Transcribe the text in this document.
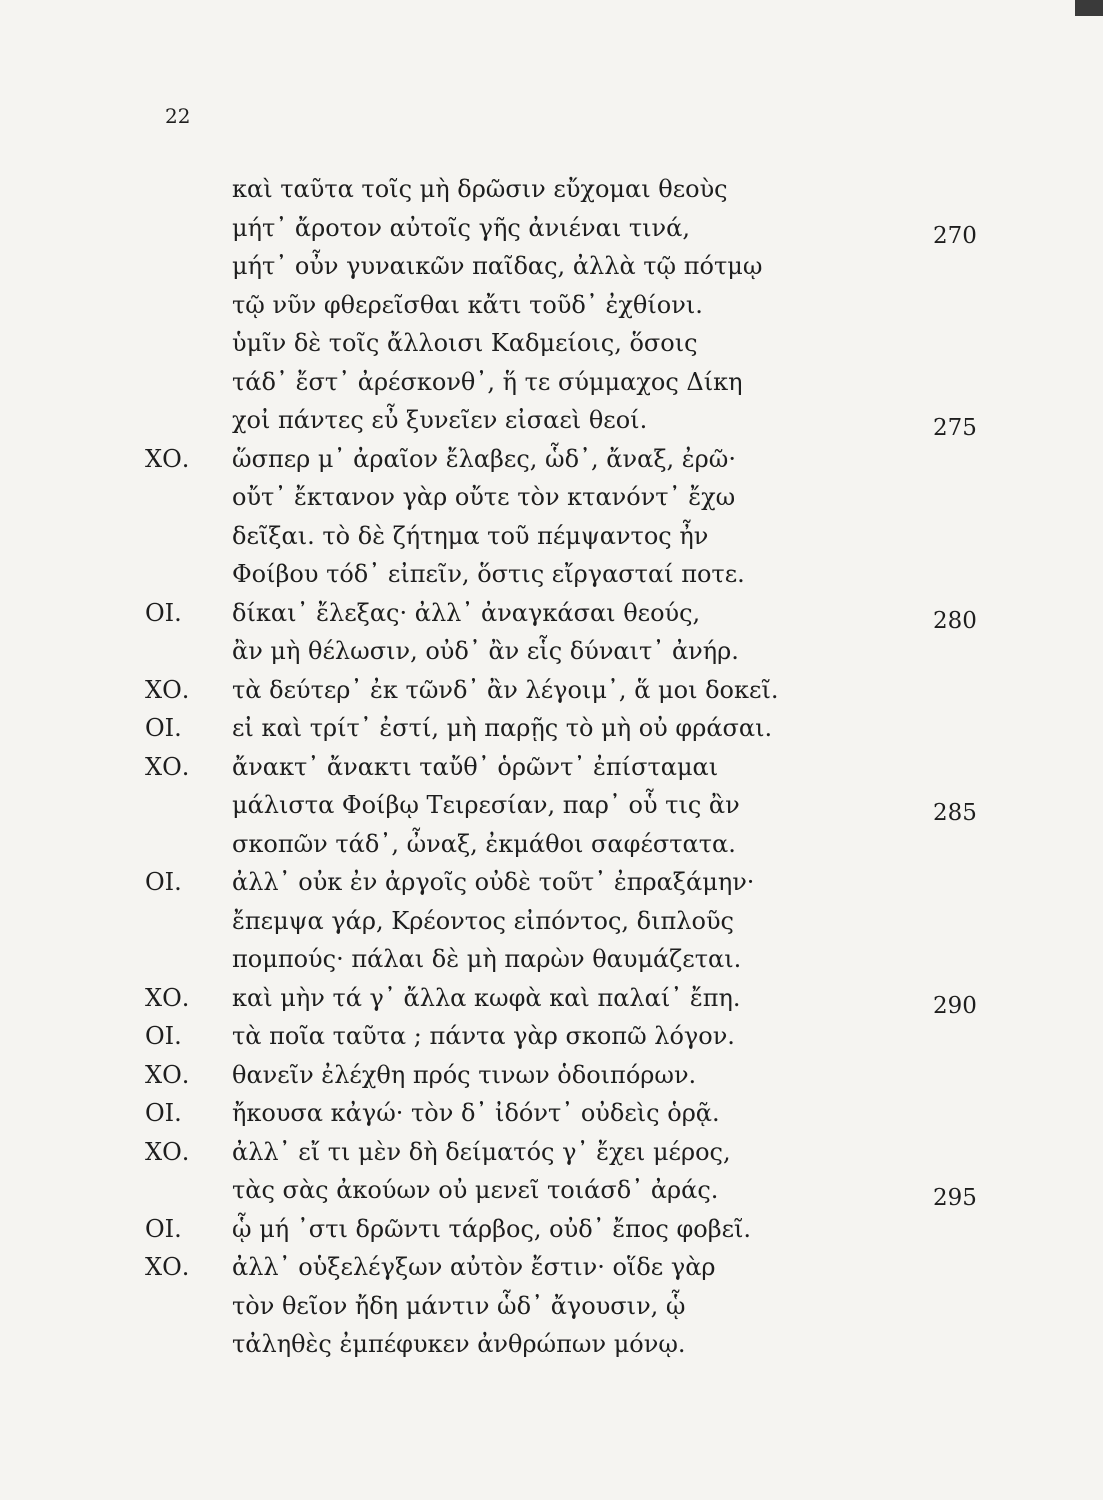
22
καὶ ταῦτα τοῖς μὴ δρῶσιν εὔχομαι θεοὺς
μήτ᾽ ἄροτον αὐτοῖς γῆς ἀνιέναι τινά,	270
μήτ᾽ οὖν γυναικῶν παῖδας, ἀλλὰ τῷ πότμῳ
τῷ νῦν φθερεῖσθαι κἄτι τοῦδ᾽ ἐχθίονι.
ὑμῖν δὲ τοῖς ἄλλοισι Καδμείοις, ὅσοις
τάδ᾽ ἔστ᾽ ἀρέσκονθ᾽, ἥ τε σύμμαχος Δίκη
χοἰ πάντες εὖ ξυνεῖεν εἰσαεὶ θεοί.	275
ΧΟ. ὥσπερ μ᾽ ἀραῖον ἔλαβες, ὧδ᾽, ἄναξ, ἐρῶ·
οὔτ᾽ ἔκτανον γὰρ οὔτε τὸν κτανόντ᾽ ἔχω
δεῖξαι. τὸ δὲ ζήτημα τοῦ πέμψαντος ἦν
Φοίβου τόδ᾽ εἰπεῖν, ὅστις εἴργασταί ποτε.
ΟΙ. δίκαι᾽ ἔλεξας· ἀλλ᾽ ἀναγκάσαι θεούς,	280
ἂν μὴ θέλωσιν, οὐδ᾽ ἂν εἷς δύναιτ᾽ ἀνήρ.
ΧΟ. τὰ δεύτερ᾽ ἐκ τῶνδ᾽ ἂν λέγοιμ᾽, ἅ μοι δοκεῖ.
ΟΙ. εἰ καὶ τρίτ᾽ ἐστί, μὴ παρῇς τὸ μὴ οὐ φράσαι.
ΧΟ. ἄνακτ᾽ ἄνακτι ταὔθ᾽ ὁρῶντ᾽ ἐπίσταμαι
μάλιστα Φοίβῳ Τειρεσίαν, παρ᾽ οὗ τις ἂν	285
σκοπῶν τάδ᾽, ὦναξ, ἐκμάθοι σαφέστατα.
ΟΙ. ἀλλ᾽ οὐκ ἐν ἀργοῖς οὐδὲ τοῦτ᾽ ἐπραξάμην·
ἔπεμψα γάρ, Κρέοντος εἰπόντος, διπλοῦς
πομπούς· πάλαι δὲ μὴ παρὼν θαυμάζεται.
ΧΟ. καὶ μὴν τά γ᾽ ἄλλα κωφὰ καὶ παλαί᾽ ἔπη.	290
ΟΙ. τὰ ποῖα ταῦτα ; πάντα γὰρ σκοπῶ λόγον.
ΧΟ. θανεῖν ἐλέχθη πρός τινων ὁδοιπόρων.
ΟΙ. ἤκουσα κἀγώ· τὸν δ᾽ ἰδόντ᾽ οὐδεὶς ὁρᾷ.
ΧΟ. ἀλλ᾽ εἴ τι μὲν δὴ δείματός γ᾽ ἔχει μέρος,
τὰς σὰς ἀκούων οὐ μενεῖ τοιάσδ᾽ ἀράς.	295
ΟΙ. ᾧ μή ᾽στι δρῶντι τάρβος, οὐδ᾽ ἔπος φοβεῖ.
ΧΟ. ἀλλ᾽ οὑξελέγξων αὐτὸν ἔστιν· οἵδε γὰρ
τὸν θεῖον ἤδη μάντιν ὧδ᾽ ἄγουσιν, ᾧ
τἀληθὲς ἐμπέφυκεν ἀνθρώπων μόνῳ.
